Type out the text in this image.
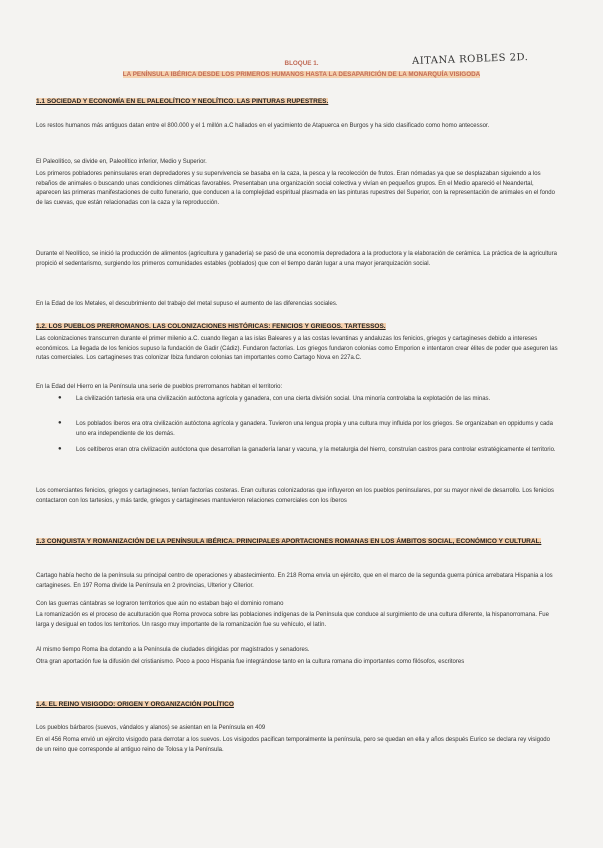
AITANA ROBLES 2D.
BLOQUE 1.
LA PENÍNSULA IBÉRICA DESDE LOS PRIMEROS HUMANOS HASTA LA DESAPARICIÓN DE LA MONARQUÍA VISIGODA
1.1 SOCIEDAD Y ECONOMÍA EN EL PALEOLÍTICO Y NEOLÍTICO. LAS PINTURAS RUPESTRES.
Los restos humanos más antiguos datan entre el 800.000 y el 1 millón a.C hallados en el yacimiento de Atapuerca en Burgos y ha sido clasificado como homo antecessor.
El Paleolítico, se divide en, Paleolítico inferior, Medio y Superior.
Los primeros pobladores peninsulares eran depredadores y su supervivencia se basaba en la caza, la pesca y la recolección de frutos. Eran nómadas ya que se desplazaban siguiendo a los rebaños de animales o buscando unas condiciones climáticas favorables. Presentaban una organización social colectiva y vivían en pequeños grupos. En el Medio apareció el Neandertal, aparecen las primeras manifestaciones de culto funerario, que conducen a la complejidad espiritual plasmada en las pinturas rupestres del Superior, con la representación de animales en el fondo de las cuevas, que están relacionadas con la caza y la reproducción.
Durante el Neolítico, se inició la producción de alimentos (agricultura y ganadería) se pasó de una economía depredadora a la productora y la elaboración de cerámica. La práctica de la agricultura propició el sedentarismo, surgiendo los primeros comunidades estables (poblados) que con el tiempo darán lugar a una mayor jerarquización social.
En la Edad de los Metales, el descubrimiento del trabajo del metal supuso el aumento de las diferencias sociales.
1.2. LOS PUEBLOS PRERROMANOS. LAS COLONIZACIONES HISTÓRICAS: FENICIOS Y GRIEGOS. TARTESSOS.
Las colonizaciones transcurren durante el primer milenio a.C. cuando llegan a las islas Baleares y a las costas levantinas y andaluzas los fenicios, griegos y cartagineses debido a intereses económicos. La llegada de los fenicios supuso la fundación de Gadir (Cádiz). Fundaron factorías. Los griegos fundaron colonias como Emporion e intentaron crear élites de poder que aseguren las rutas comerciales. Los cartagineses tras colonizar Ibiza fundaron colonias tan importantes como Cartago Nova en 227a.C.
En la Edad del Hierro en la Península una serie de pueblos prerromanos habitan el territorio:
● La civilización tartesia era una civilización autóctona agrícola y ganadera, con una cierta división social. Una minoría controlaba la explotación de las minas.
● Los poblados íberos era otra civilización autóctona agrícola y ganadera. Tuvieron una lengua propia y una cultura muy influida por los griegos. Se organizaban en oppidums y cada uno era independiente de los demás.
● Los celtíberos eran otra civilización autóctona que desarrollan la ganadería lanar y vacuna, y la metalurgia del hierro, construían castros para controlar estratégicamente el territorio.
Los comerciantes fenicios, griegos y cartagineses, tenían factorías costeras. Eran culturas colonizadoras que influyeron en los pueblos peninsulares, por su mayor nivel de desarrollo. Los fenicios contactaron con los tartesios, y más tarde, griegos y cartagineses mantuvieron relaciones comerciales con los íberos
1.3 CONQUISTA Y ROMANIZACIÓN DE LA PENÍNSULA IBÉRICA. PRINCIPALES APORTACIONES ROMANAS EN LOS ÁMBITOS SOCIAL, ECONÓMICO Y CULTURAL.
Cartago había hecho de la península su principal centro de operaciones y abastecimiento. En 218 Roma envía un ejército, que en el marco de la segunda guerra púnica arrebatara Hispania a los cartagineses. En 197 Roma divide la Península en 2 provincias, Ulterior y Citerior.
Con las guerras cántabras se lograron territorios que aún no estaban bajo el dominio romano
La romanización es el proceso de aculturación que Roma provoca sobre las poblaciones indígenas de la Península que conduce al surgimiento de una cultura diferente, la hispanorromana. Fue larga y desigual en todos los territorios. Un rasgo muy importante de la romanización fue su vehículo, el latín.
Al mismo tiempo Roma iba dotando a la Península de ciudades dirigidas por magistrados y senadores.
Otra gran aportación fue la difusión del cristianismo. Poco a poco Hispania fue integrándose tanto en la cultura romana dio importantes como filósofos, escritores
1.4. EL REINO VISIGODO: ORIGEN Y ORGANIZACIÓN POLÍTICO
Los pueblos bárbaros (suevos, vándalos y alanos) se asientan en la Península en 409
En el 456 Roma envió un ejército visigodo para derrotar a los suevos. Los visigodos pacifican temporalmente la península, pero se quedan en ella y años después Eurico se declara rey visigodo de un reino que corresponde al antiguo reino de Tolosa y la Península.
